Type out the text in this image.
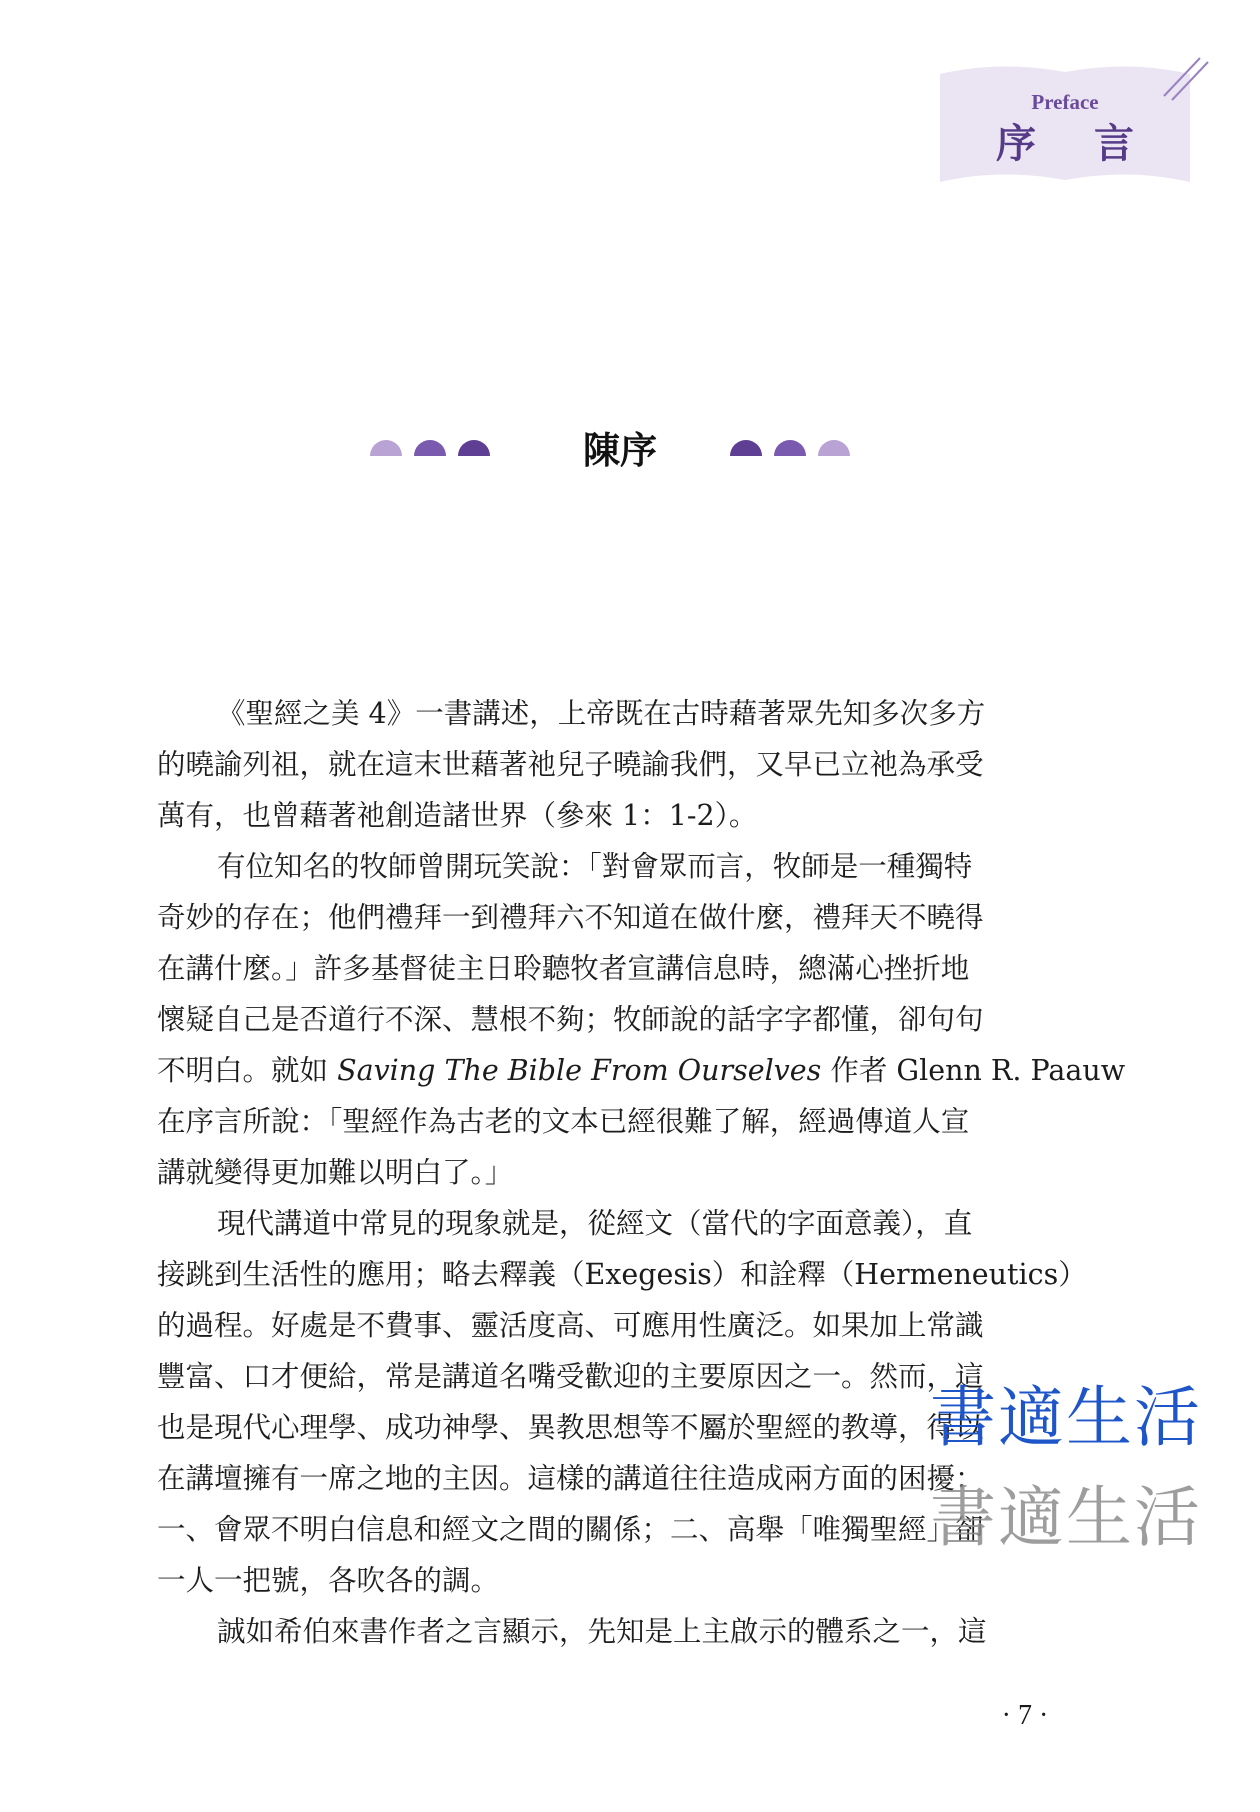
Preface
序 言
陳序
《聖經之美 4》一書講述，上帝既在古時藉著眾先知多次多方
的曉諭列祖，就在這末世藉著祂兒子曉諭我們，又早已立祂為承受
萬有，也曾藉著祂創造諸世界（參來 1：1-2）。
有位知名的牧師曾開玩笑說：「對會眾而言，牧師是一種獨特
奇妙的存在；他們禮拜一到禮拜六不知道在做什麼，禮拜天不曉得
在講什麼。」許多基督徒主日聆聽牧者宣講信息時，總滿心挫折地
懷疑自己是否道行不深、慧根不夠；牧師說的話字字都懂，卻句句
不明白。就如 Saving The Bible From Ourselves 作者 Glenn R. Paauw
在序言所說：「聖經作為古老的文本已經很難了解，經過傳道人宣
講就變得更加難以明白了。」
現代講道中常見的現象就是，從經文（當代的字面意義），直
接跳到生活性的應用；略去釋義（Exegesis）和詮釋（Hermeneutics）
的過程。好處是不費事、靈活度高、可應用性廣泛。如果加上常識
豐富、口才便給，常是講道名嘴受歡迎的主要原因之一。然而，這
也是現代心理學、成功神學、異教思想等不屬於聖經的教導，得以
在講壇擁有一席之地的主因。這樣的講道往往造成兩方面的困擾：
一、會眾不明白信息和經文之間的關係；二、高舉「唯獨聖經」卻
一人一把號，各吹各的調。
誠如希伯來書作者之言顯示，先知是上主啟示的體系之一，這
書適生活
書適生活
· 7 ·
